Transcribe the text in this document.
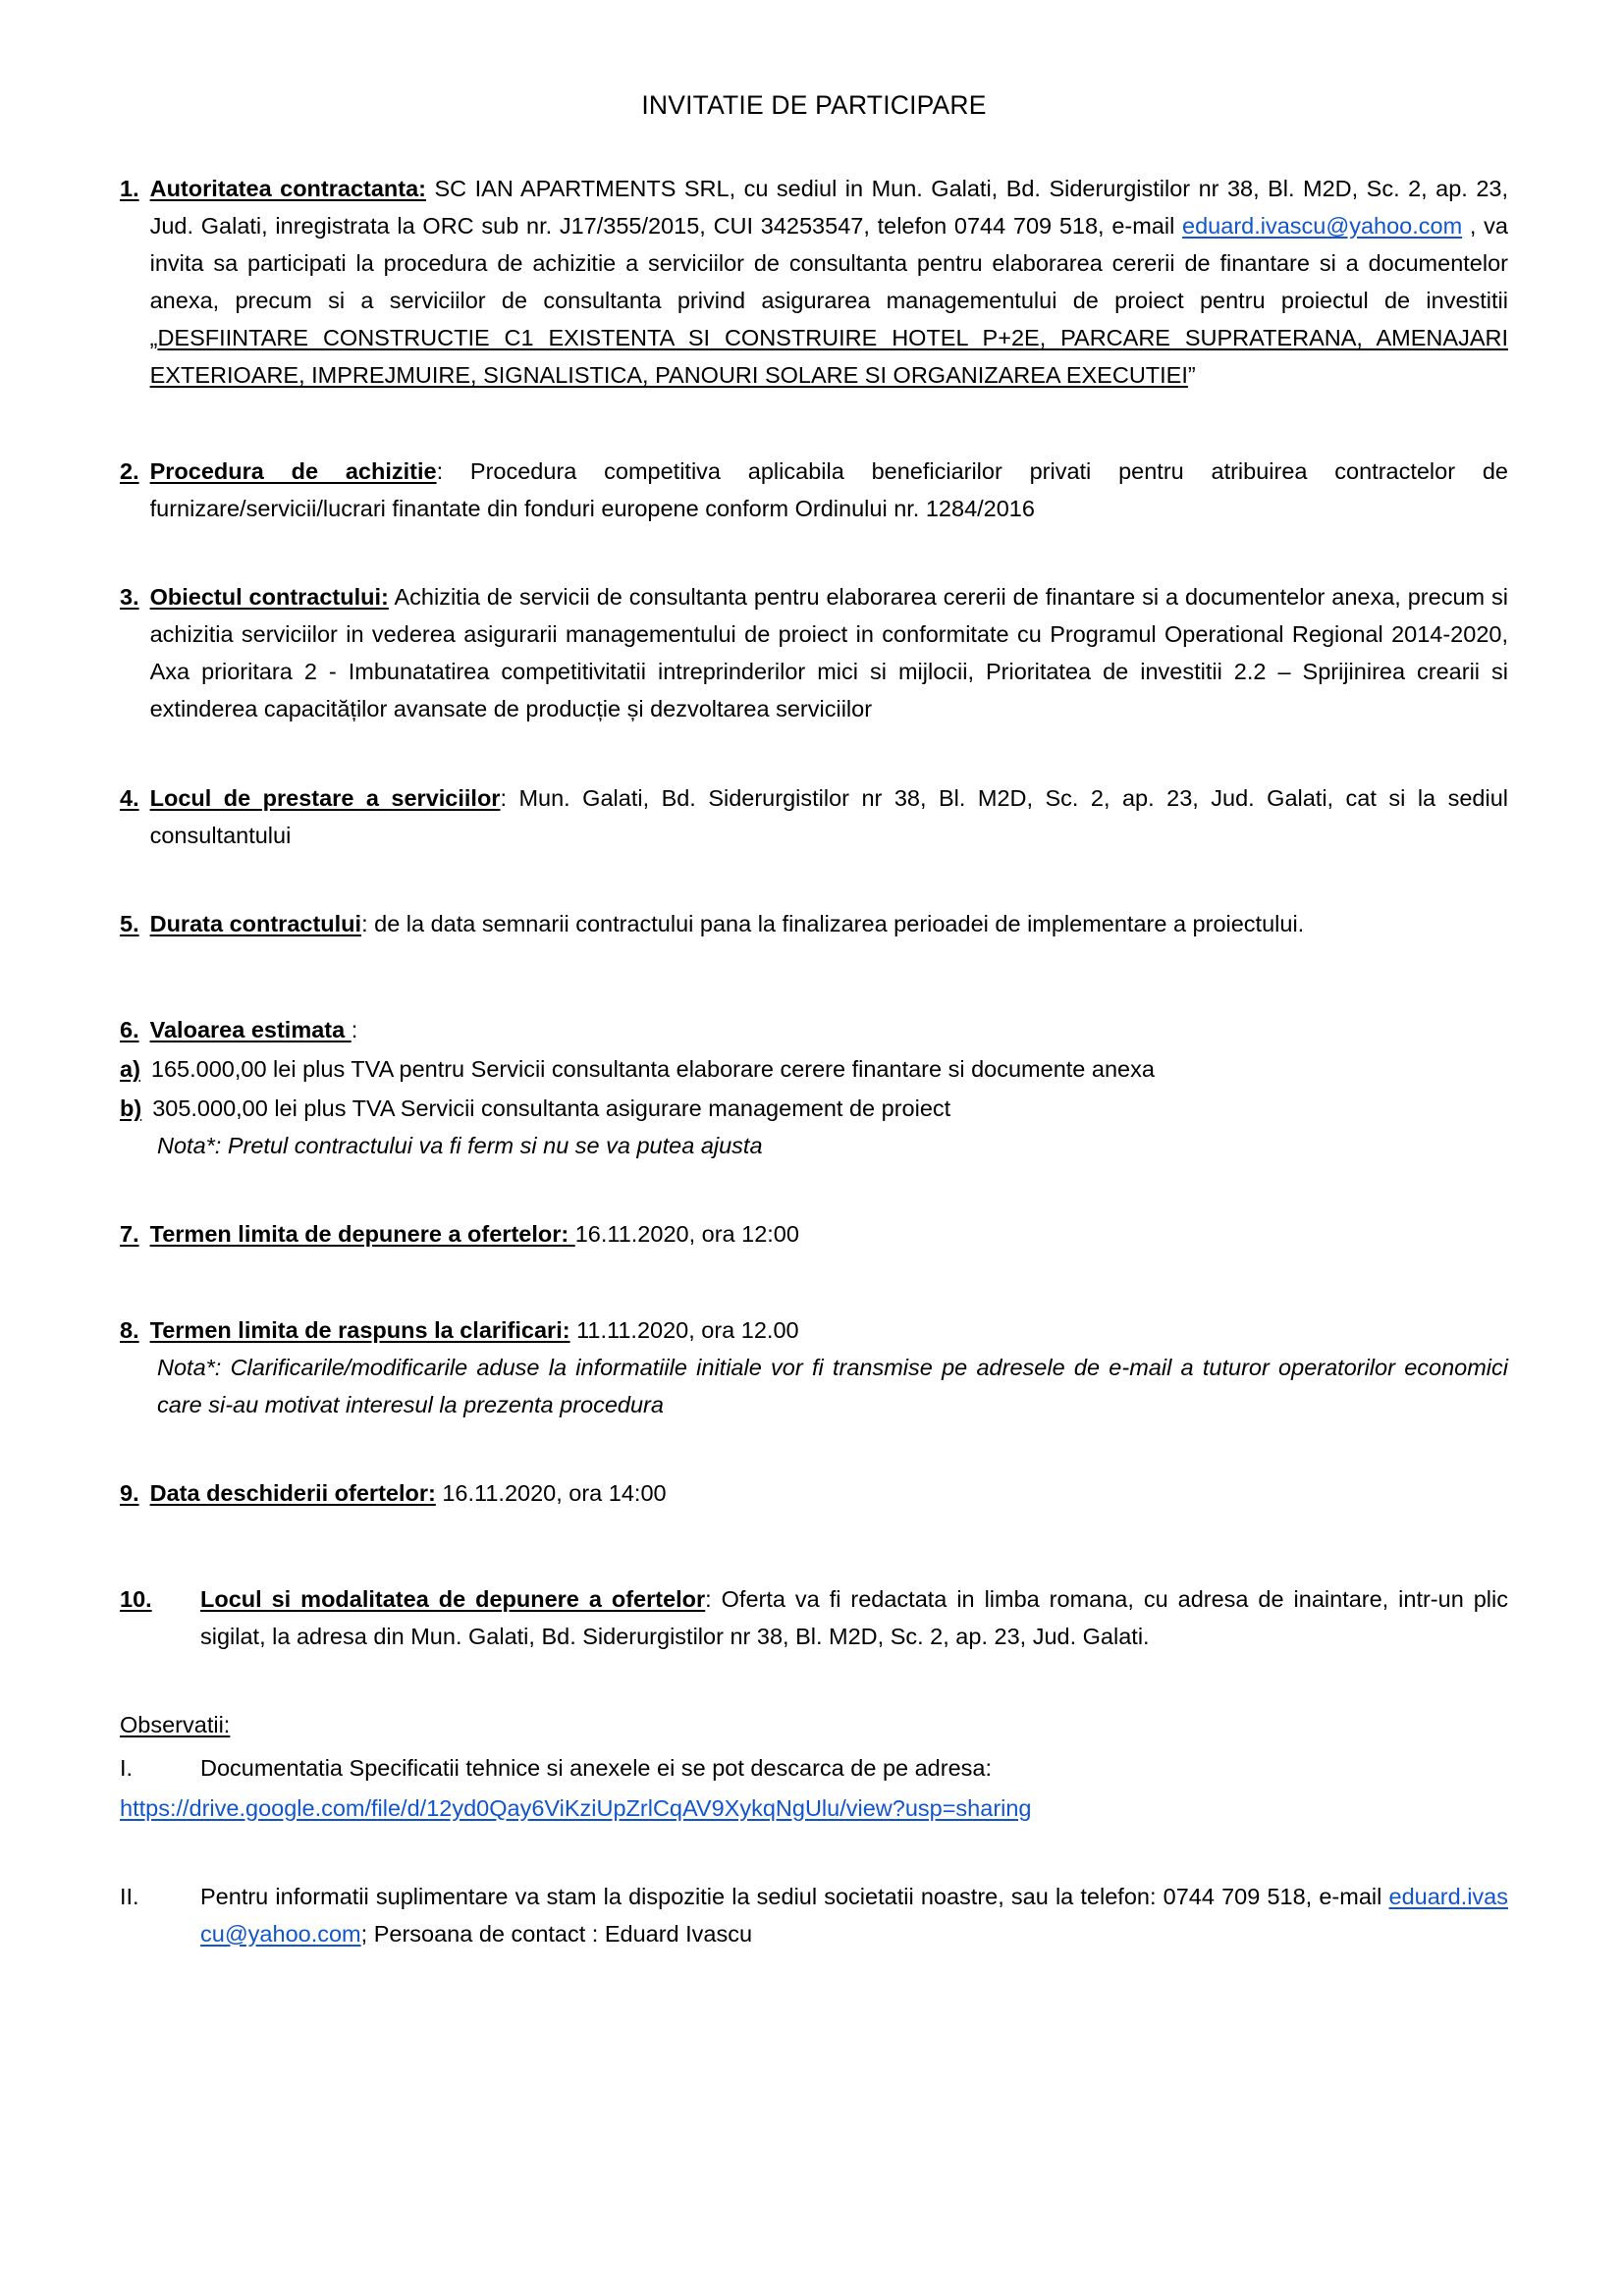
INVITATIE DE PARTICIPARE
1. Autoritatea contractanta: SC IAN APARTMENTS SRL, cu sediul in Mun. Galati, Bd. Siderurgistilor nr 38, Bl. M2D, Sc. 2, ap. 23, Jud. Galati, inregistrata la ORC sub nr. J17/355/2015, CUI 34253547, telefon 0744 709 518, e-mail eduard.ivascu@yahoo.com , va invita sa participati la procedura de achizitie a serviciilor de consultanta pentru elaborarea cererii de finantare si a documentelor anexa, precum si a serviciilor de consultanta privind asigurarea managementului de proiect pentru proiectul de investitii „DESFIINTARE CONSTRUCTIE C1 EXISTENTA SI CONSTRUIRE HOTEL P+2E, PARCARE SUPRATERANA, AMENAJARI EXTERIOARE, IMPREJMUIRE, SIGNALISTICA, PANOURI SOLARE SI ORGANIZAREA EXECUTIEI”
2. Procedura de achizitie: Procedura competitiva aplicabila beneficiarilor privati pentru atribuirea contractelor de furnizare/servicii/lucrari finantate din fonduri europene conform Ordinului nr. 1284/2016
3. Obiectul contractului: Achizitia de servicii de consultanta pentru elaborarea cererii de finantare si a documentelor anexa, precum si achizitia serviciilor in vederea asigurarii managementului de proiect in conformitate cu Programul Operational Regional 2014-2020, Axa prioritara 2 - Imbunatatirea competitivitatii intreprinderilor mici si mijlocii, Prioritatea de investitii 2.2 – Sprijinirea crearii si extinderea capacităților avansate de producție și dezvoltarea serviciilor
4. Locul de prestare a serviciilor: Mun. Galati, Bd. Siderurgistilor nr 38, Bl. M2D, Sc. 2, ap. 23, Jud. Galati, cat si la sediul consultantului
5. Durata contractului: de la data semnarii contractului pana la finalizarea perioadei de implementare a proiectului.
6. Valoarea estimata :
a) 165.000,00 lei plus TVA pentru Servicii consultanta elaborare cerere finantare si documente anexa
b) 305.000,00 lei plus TVA Servicii consultanta asigurare management de proiect

Nota*: Pretul contractului va fi ferm si nu se va putea ajusta

7. Termen limita de depunere a ofertelor: 16.11.2020, ora 12:00
8. Termen limita de raspuns la clarificari: 11.11.2020, ora 12.00

Nota*: Clarificarile/modificarile aduse la informatiile initiale vor fi transmise pe adresele de e-mail a tuturor operatorilor economici care si-au motivat interesul la prezenta procedura

9. Data deschiderii ofertelor: 16.11.2020, ora 14:00
10.	Locul si modalitatea de depunere a ofertelor: Oferta va fi redactata in limba romana, cu adresa de inaintare, intr-un plic sigilat, la adresa din Mun. Galati, Bd. Siderurgistilor nr 38, Bl. M2D, Sc. 2, ap. 23, Jud. Galati.

Observatii:

I.	Documentatia Specificatii tehnice si anexele ei se pot descarca de pe adresa:
https://drive.google.com/file/d/12yd0Qay6ViKziUpZrlCqAV9XykqNgUlu/view?usp=sharing
II.	Pentru informatii suplimentare va stam la dispozitie la sediul societatii noastre, sau la telefon: 0744 709 518, e-mail eduard.ivascu@yahoo.com; Persoana de contact : Eduard Ivascu
